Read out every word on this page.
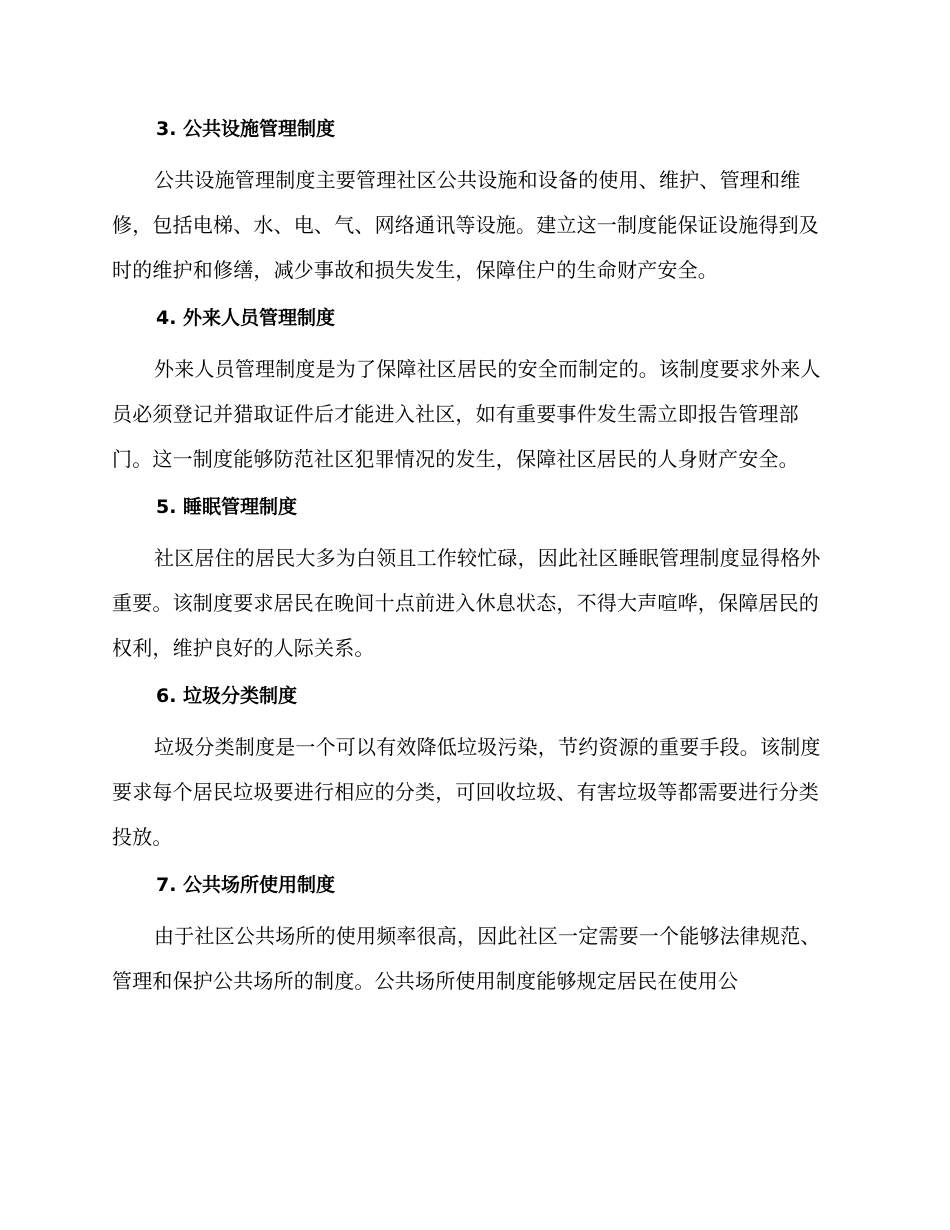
3. 公共设施管理制度

公共设施管理制度主要管理社区公共设施和设备的使用、维护、管理和维修，包括电梯、水、电、气、网络通讯等设施。建立这一制度能保证设施得到及时的维护和修缮，减少事故和损失发生，保障住户的生命财产安全。

4. 外来人员管理制度

外来人员管理制度是为了保障社区居民的安全而制定的。该制度要求外来人员必须登记并猎取证件后才能进入社区，如有重要事件发生需立即报告管理部门。这一制度能够防范社区犯罪情况的发生，保障社区居民的人身财产安全。

5. 睡眠管理制度

社区居住的居民大多为白领且工作较忙碌，因此社区睡眠管理制度显得格外重要。该制度要求居民在晚间十点前进入休息状态，不得大声喧哗，保障居民的权利，维护良好的人际关系。

6. 垃圾分类制度

垃圾分类制度是一个可以有效降低垃圾污染，节约资源的重要手段。该制度要求每个居民垃圾要进行相应的分类，可回收垃圾、有害垃圾等都需要进行分类投放。

7. 公共场所使用制度

由于社区公共场所的使用频率很高，因此社区一定需要一个能够法律规范、管理和保护公共场所的制度。公共场所使用制度能够规定居民在使用公
